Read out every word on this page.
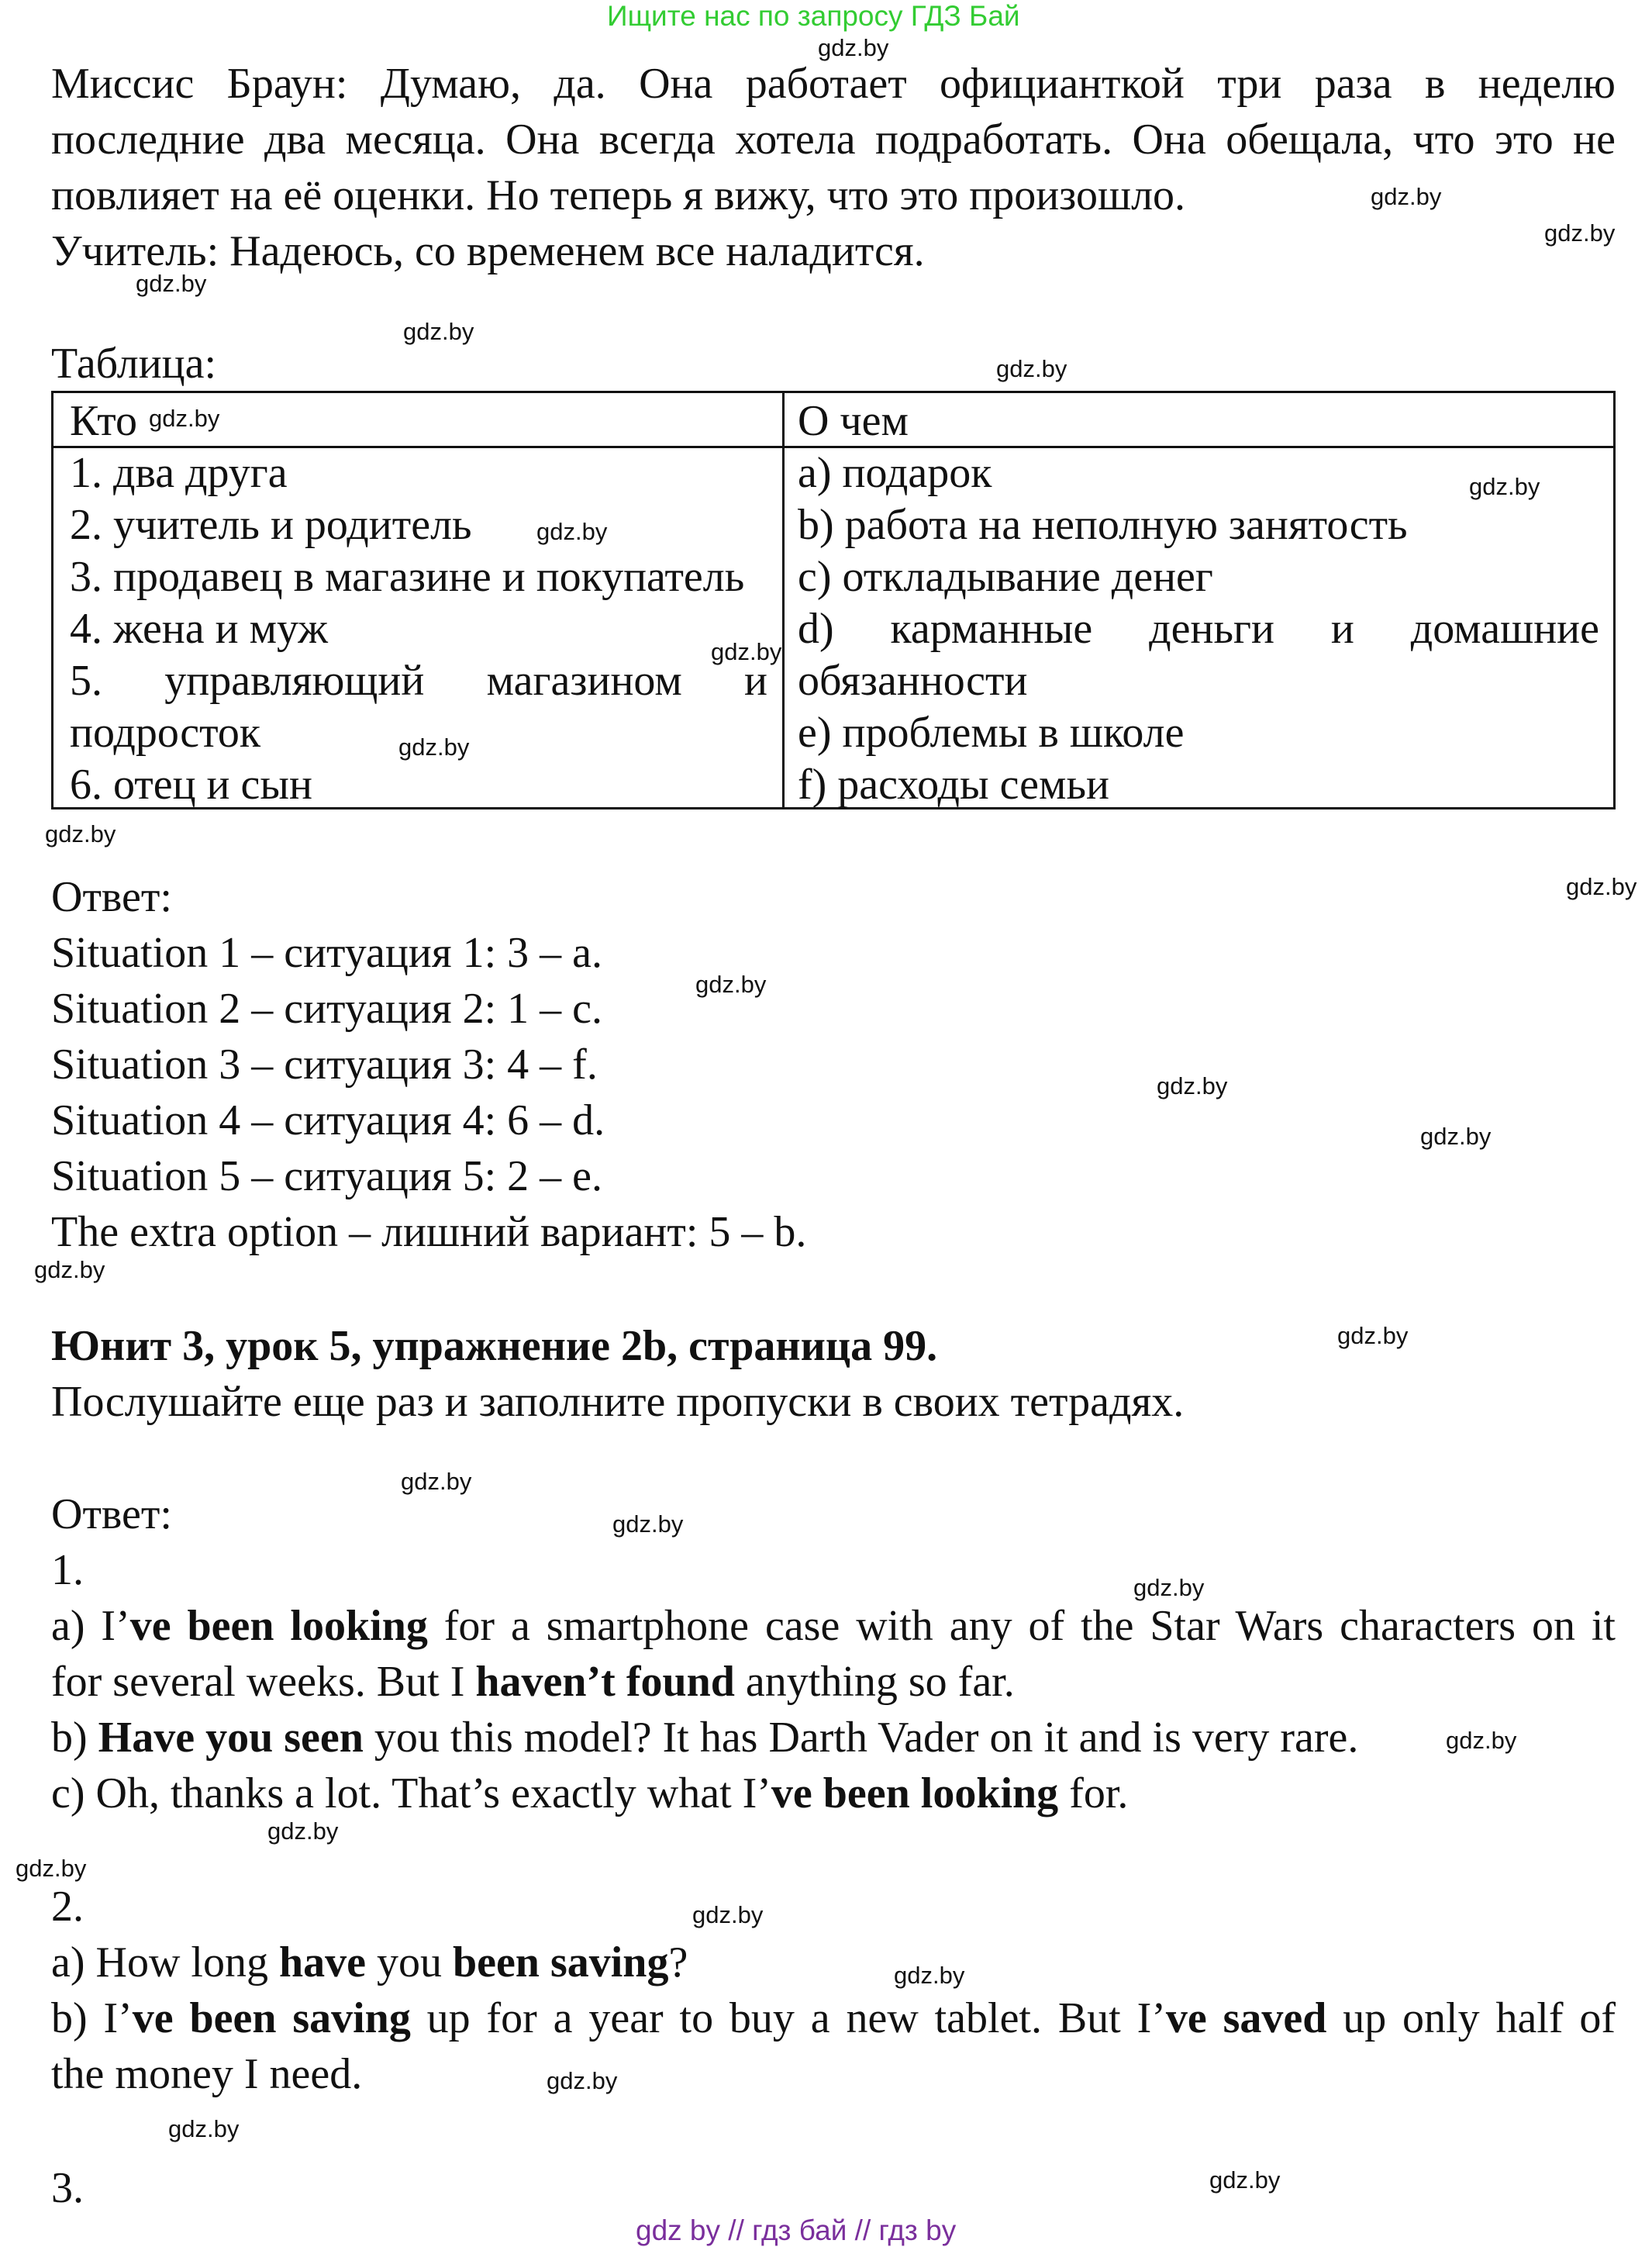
Ищите нас по запросу ГДЗ Бай
Миссис Браун: Думаю, да. Она работает официанткой три раза в неделю
последние два месяца. Она всегда хотела подработать. Она обещала, что это не
повлияет на её оценки. Но теперь я вижу, что это произошло.
Учитель: Надеюсь, со временем все наладится.
Таблица:
Кто	О чем
1. два друга
2. учитель и родитель
3. продавец в магазине и покупатель
4. жена и муж
5. управляющий магазином и
подросток
6. отец и сын
a) подарок
b) работа на неполную занятость
c) откладывание денег
d) карманные деньги и домашние
обязанности
e) проблемы в школе
f) расходы семьи
Ответ:
Situation 1 – ситуация 1: 3 – a.
Situation 2 – ситуация 2: 1 – c.
Situation 3 – ситуация 3: 4 – f.
Situation 4 – ситуация 4: 6 – d.
Situation 5 – ситуация 5: 2 – e.
The extra option – лишний вариант: 5 – b.
Юнит 3, урок 5, упражнение 2b, страница 99.
Послушайте еще раз и заполните пропуски в своих тетрадях.
Ответ:
1.
a) I’ve been looking for a smartphone case with any of the Star Wars characters on it
for several weeks. But I haven’t found anything so far.
b) Have you seen you this model? It has Darth Vader on it and is very rare.
c) Oh, thanks a lot. That’s exactly what I’ve been looking for.
2.
a) How long have you been saving?
b) I’ve been saving up for a year to buy a new tablet. But I’ve saved up only half of
the money I need.
3.
gdz by // гдз бай // гдз by
gdz.by
gdz.by
gdz.by
gdz.by
gdz.by
gdz.by
gdz.by
gdz.by
gdz.by
gdz.by
gdz.by
gdz.by
gdz.by
gdz.by
gdz.by
gdz.by
gdz.by
gdz.by
gdz.by
gdz.by
gdz.by
gdz.by
gdz.by
gdz.by
gdz.by
gdz.by
gdz.by
gdz.by
gdz.by
